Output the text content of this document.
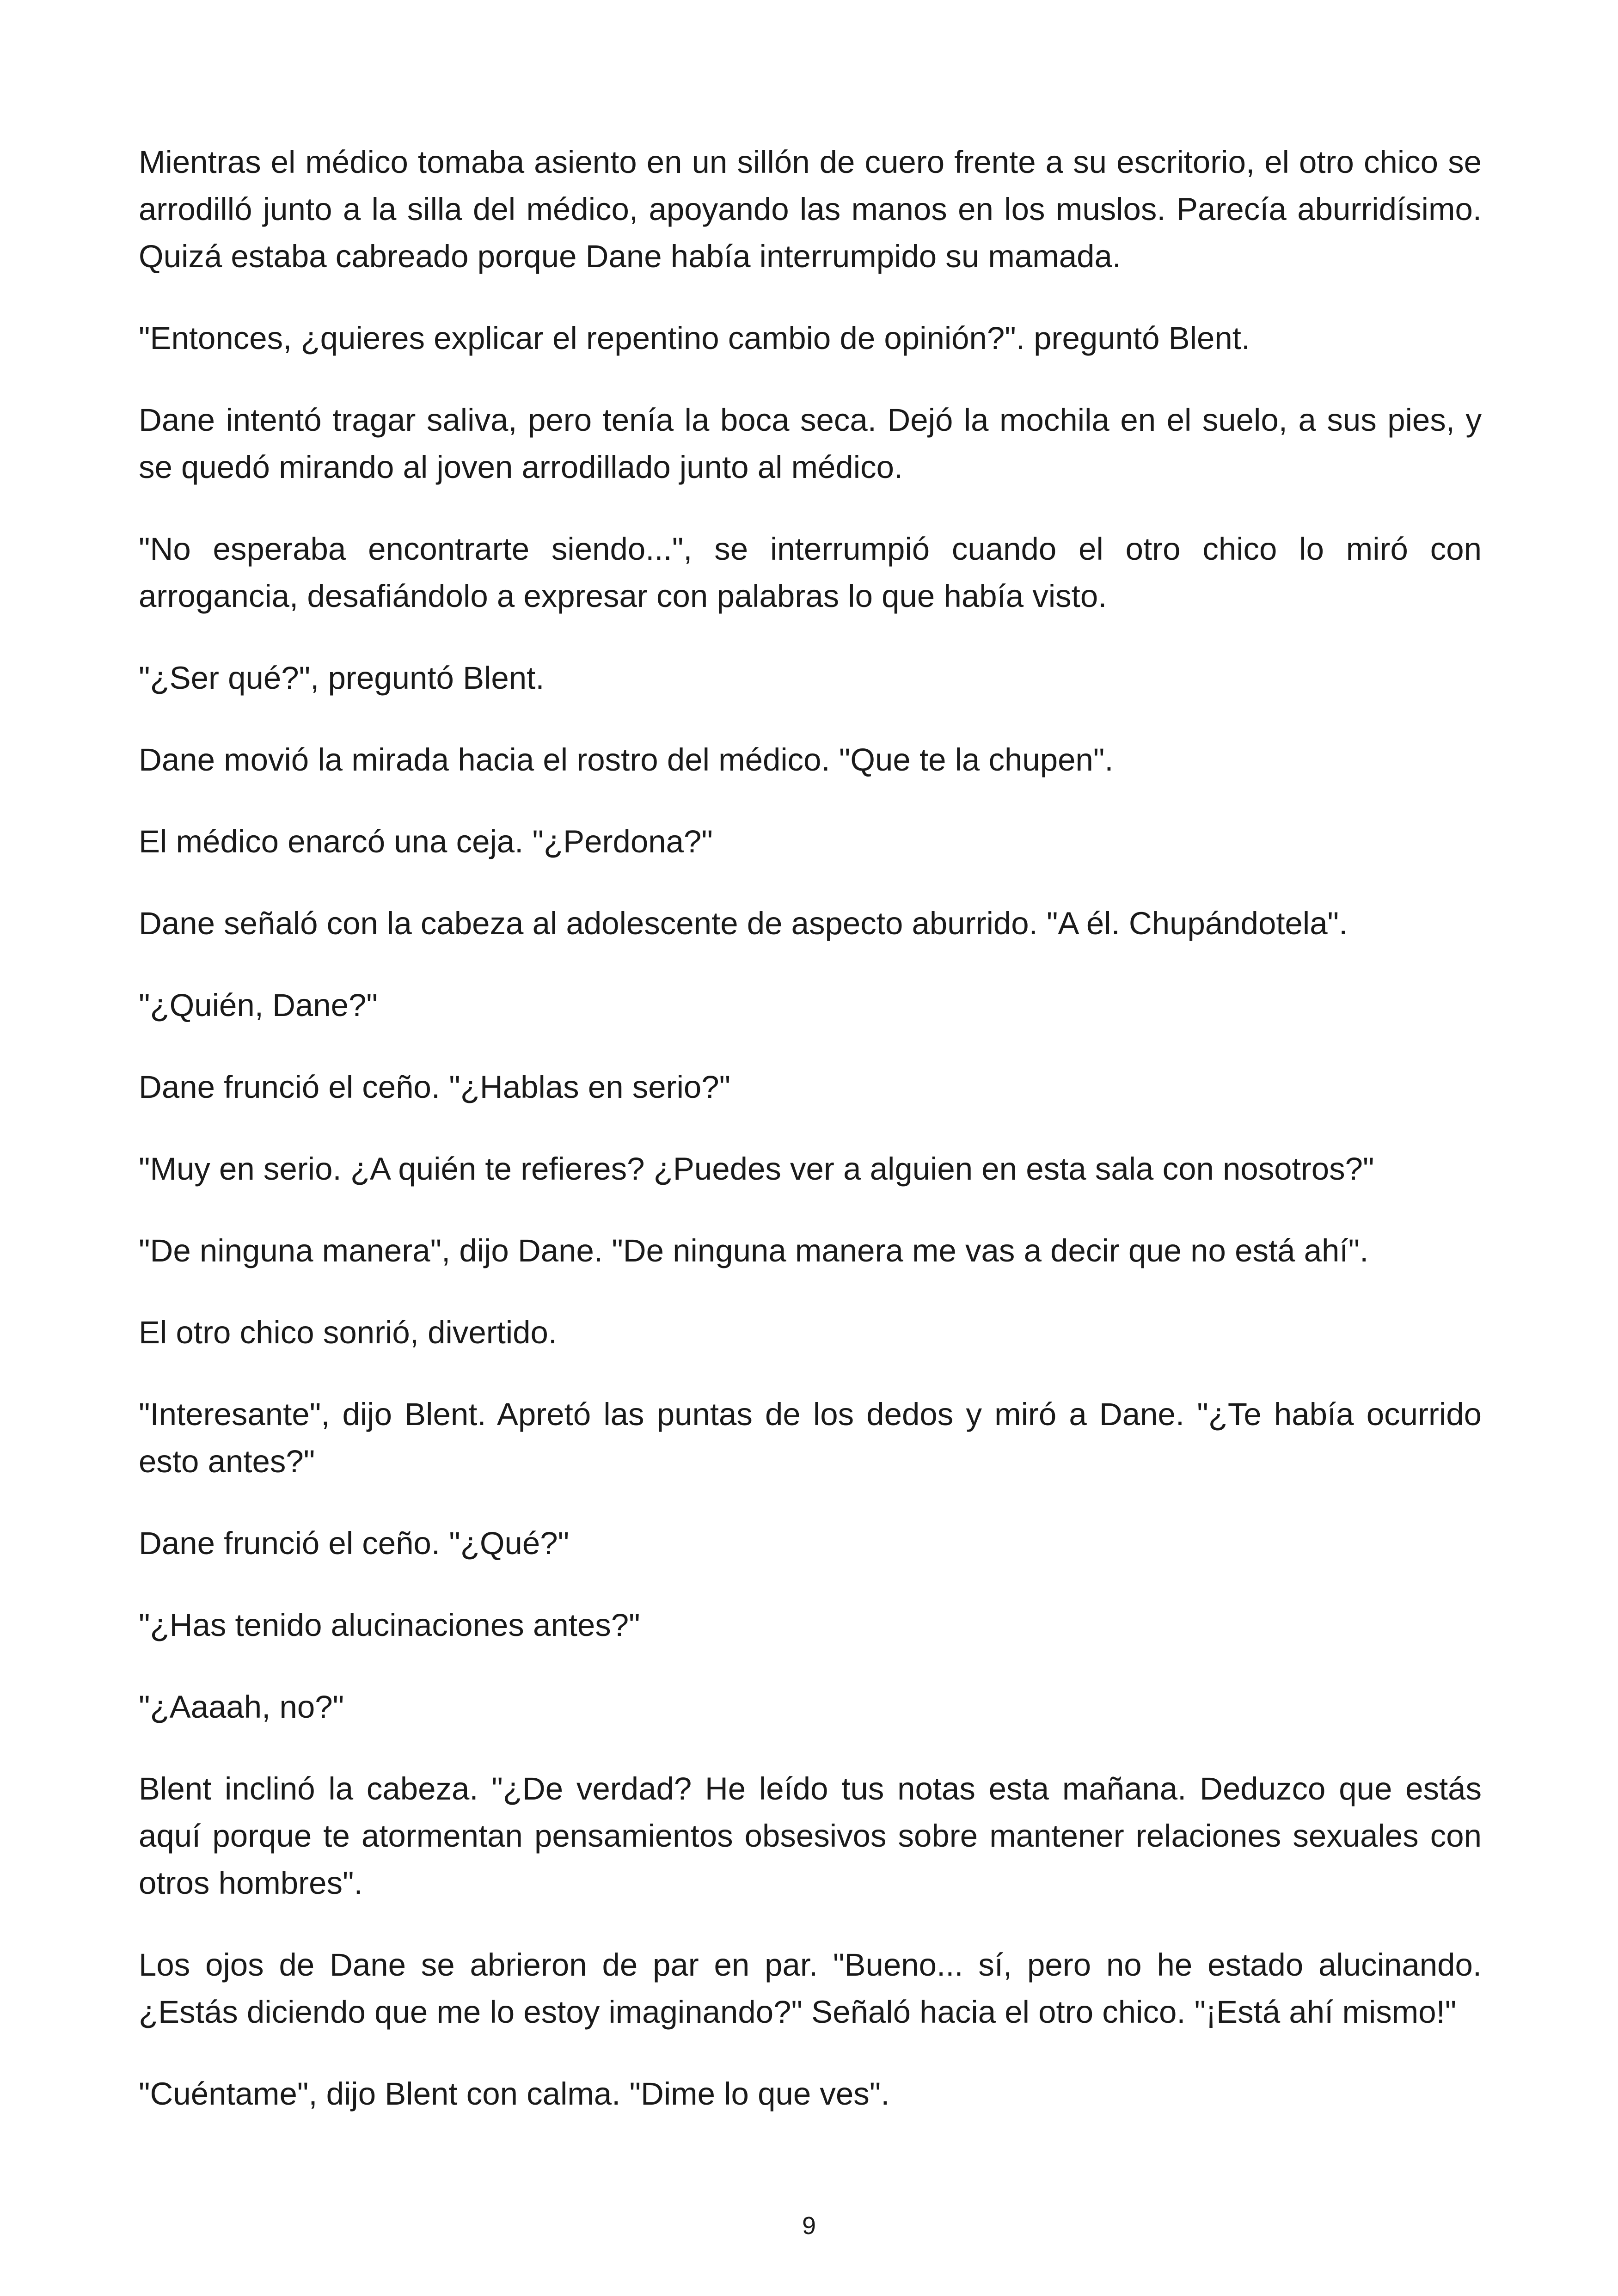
Mientras el médico tomaba asiento en un sillón de cuero frente a su escritorio, el otro chico se arrodilló junto a la silla del médico, apoyando las manos en los muslos. Parecía aburridísimo. Quizá estaba cabreado porque Dane había interrumpido su mamada.

"Entonces, ¿quieres explicar el repentino cambio de opinión?". preguntó Blent.

Dane intentó tragar saliva, pero tenía la boca seca. Dejó la mochila en el suelo, a sus pies, y se quedó mirando al joven arrodillado junto al médico.

"No esperaba encontrarte siendo...", se interrumpió cuando el otro chico lo miró con arrogancia, desafiándolo a expresar con palabras lo que había visto.

"¿Ser qué?", preguntó Blent.

Dane movió la mirada hacia el rostro del médico. "Que te la chupen".

El médico enarcó una ceja. "¿Perdona?"

Dane señaló con la cabeza al adolescente de aspecto aburrido. "A él. Chupándotela".

"¿Quién, Dane?"

Dane frunció el ceño. "¿Hablas en serio?"

"Muy en serio. ¿A quién te refieres? ¿Puedes ver a alguien en esta sala con nosotros?"

"De ninguna manera", dijo Dane. "De ninguna manera me vas a decir que no está ahí".

El otro chico sonrió, divertido.

"Interesante", dijo Blent. Apretó las puntas de los dedos y miró a Dane. "¿Te había ocurrido esto antes?"

Dane frunció el ceño. "¿Qué?"

"¿Has tenido alucinaciones antes?"

"¿Aaaah, no?"

Blent inclinó la cabeza. "¿De verdad? He leído tus notas esta mañana. Deduzco que estás aquí porque te atormentan pensamientos obsesivos sobre mantener relaciones sexuales con otros hombres".

Los ojos de Dane se abrieron de par en par. "Bueno... sí, pero no he estado alucinando. ¿Estás diciendo que me lo estoy imaginando?" Señaló hacia el otro chico. "¡Está ahí mismo!"

"Cuéntame", dijo Blent con calma. "Dime lo que ves".

9
